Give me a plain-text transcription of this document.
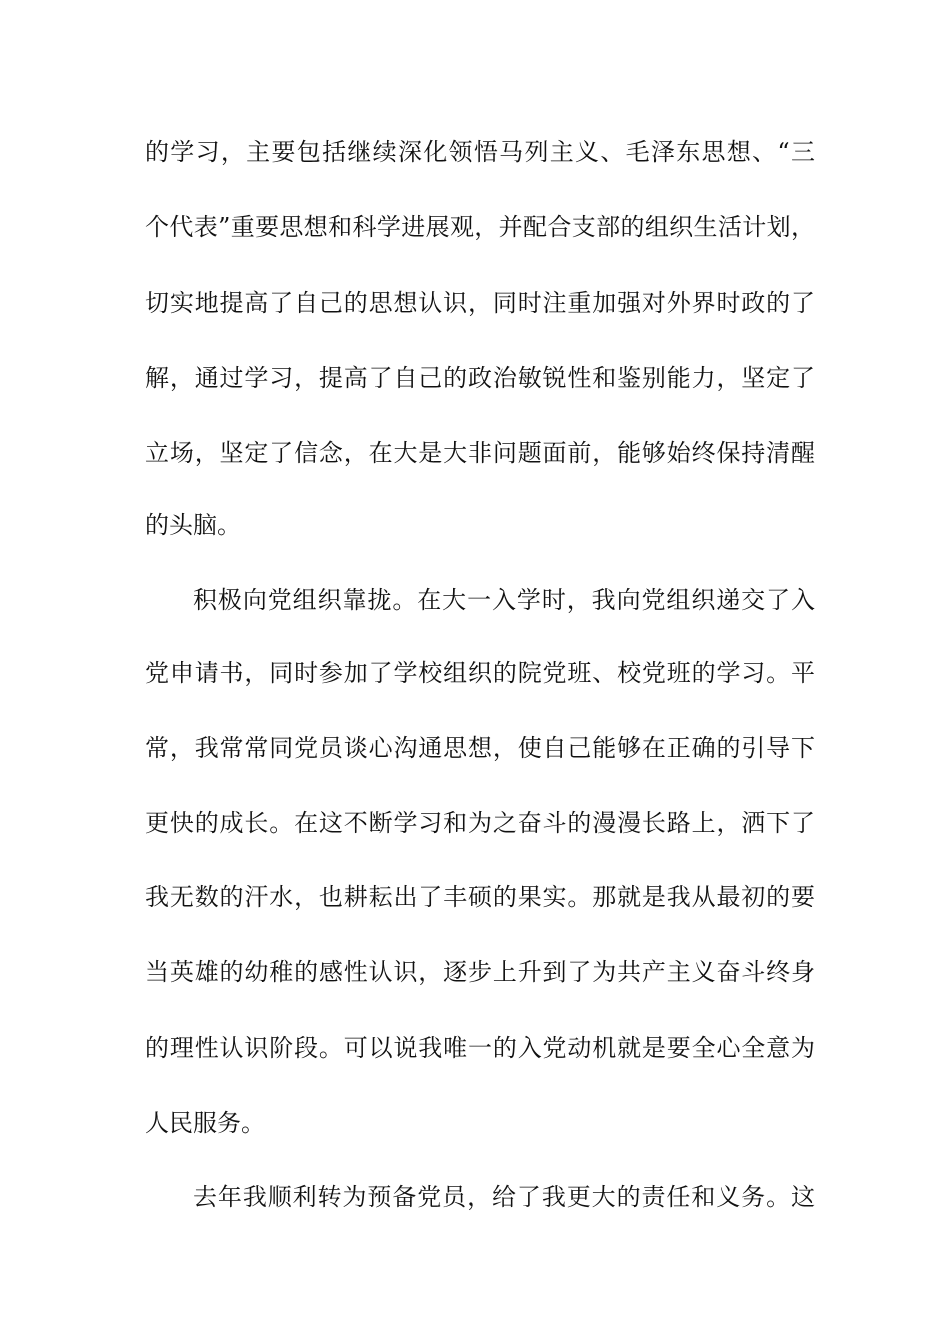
的学习，主要包括继续深化领悟马列主义、毛泽东思想、“三
个代表”重要思想和科学进展观，并配合支部的组织生活计划，
切实地提高了自己的思想认识，同时注重加强对外界时政的了
解，通过学习，提高了自己的政治敏锐性和鉴别能力，坚定了
立场，坚定了信念，在大是大非问题面前，能够始终保持清醒
的头脑。
积极向党组织靠拢。在大一入学时，我向党组织递交了入
党申请书，同时参加了学校组织的院党班、校党班的学习。平
常，我常常同党员谈心沟通思想，使自己能够在正确的引导下
更快的成长。在这不断学习和为之奋斗的漫漫长路上，洒下了
我无数的汗水，也耕耘出了丰硕的果实。那就是我从最初的要
当英雄的幼稚的感性认识，逐步上升到了为共产主义奋斗终身
的理性认识阶段。可以说我唯一的入党动机就是要全心全意为
人民服务。
去年我顺利转为预备党员，给了我更大的责任和义务。这
